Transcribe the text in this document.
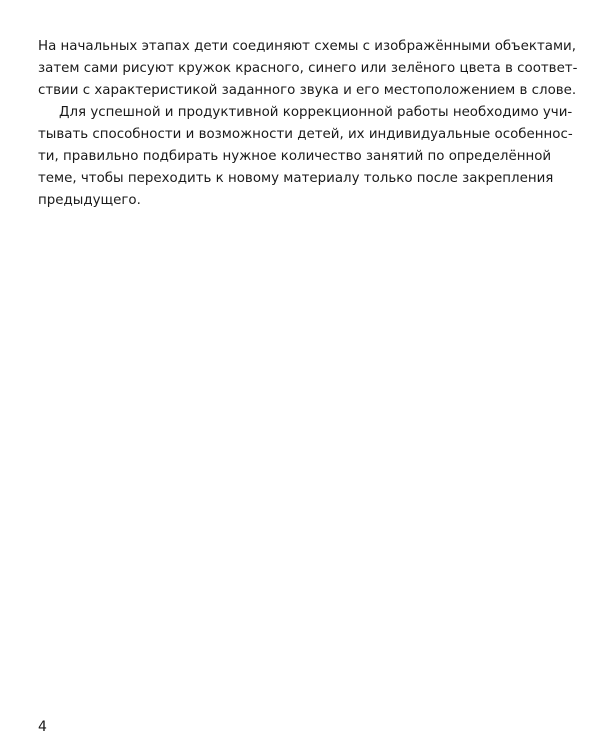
На начальных этапах дети соединяют схемы с изображёнными объектами,
затем сами рисуют кружок красного, синего или зелёного цвета в соответ-
ствии с характеристикой заданного звука и его местоположением в слове.
Для успешной и продуктивной коррекционной работы необходимо учи-
тывать способности и возможности детей, их индивидуальные особеннос-
ти, правильно подбирать нужное количество занятий по определённой
теме, чтобы переходить к новому материалу только после закрепления
предыдущего.
4
